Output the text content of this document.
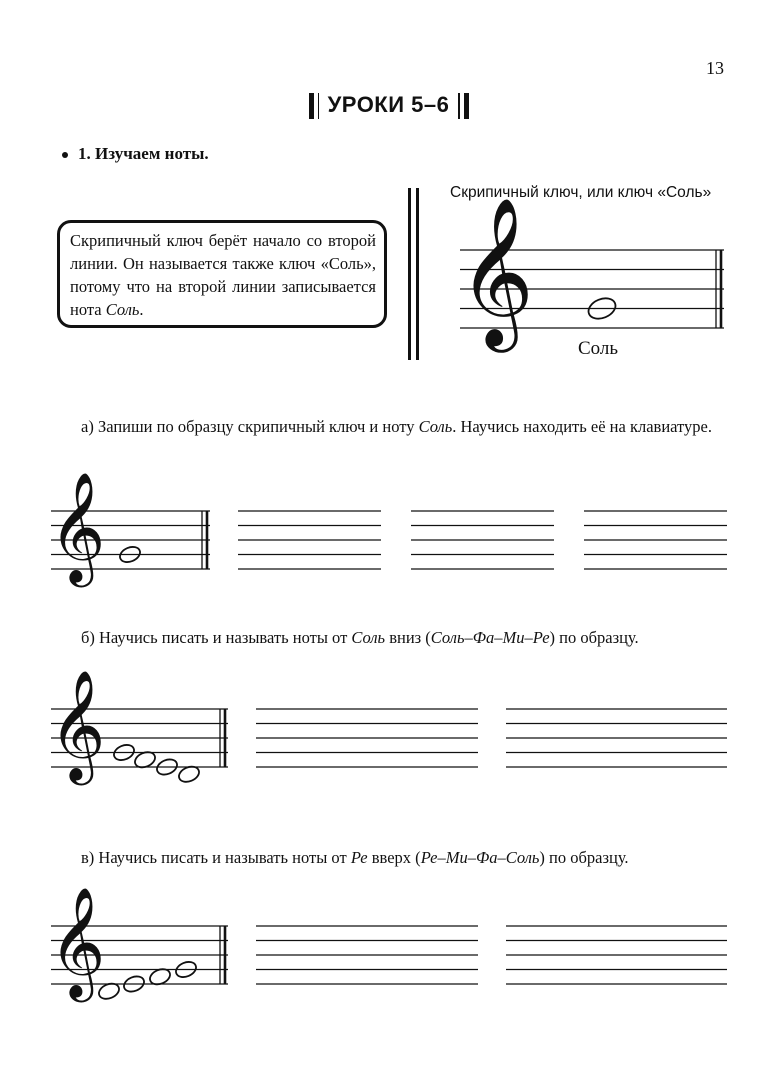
13
УРОКИ 5–6
1. Изучаем ноты.
Скрипичный ключ берёт начало со второй линии. Он называется также ключ «Соль», потому что на второй линии записывается нота Соль.
Скрипичный ключ, или ключ «Соль»
Соль
а) Запиши по образцу скрипичный ключ и ноту Соль. Научись находить её на клавиатуре.
б) Научись писать и называть ноты от Соль вниз (Соль–Фа–Ми–Ре) по образцу.
в) Научись писать и называть ноты от Ре вверх (Ре–Ми–Фа–Соль) по образцу.
𝄞
𝄞
𝄞
𝄞
